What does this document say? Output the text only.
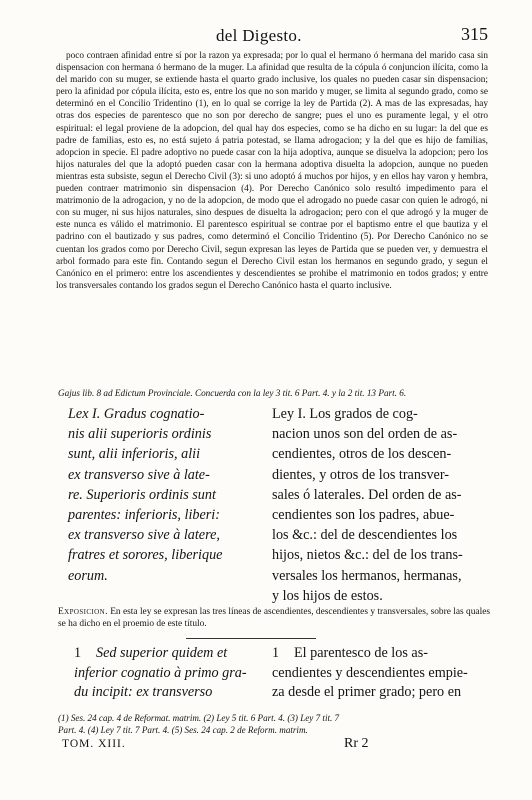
del Digesto.	315

poco contraen afinidad entre sí por la razon ya expresada; por lo qual el hermano ó hermana del marido casa sin dispensacion con hermana ó hermano de la muger. La afinidad que resulta de la cópula ó conjuncion ilícita, como la del marido con su muger, se extiende hasta el quarto grado inclusive, los quales no pueden casar sin dispensacion; pero la afinidad por cópula ilícita, esto es, entre los que no son marido y muger, se limita al segundo grado, como se determinó en el Concilio Tridentino (1), en lo qual se corrige la ley de Partida (2). A mas de las expresadas, hay otras dos especies de parentesco que no son por derecho de sangre; pues el uno es puramente legal, y el otro espiritual: el legal proviene de la adopcion, del qual hay dos especies, como se ha dicho en su lugar: la del que es padre de familias, esto es, no está sujeto á patria potestad, se llama adrogacion; y la del que es hijo de familias, adopcion in specie. El padre adoptivo no puede casar con la hija adoptiva, aunque se disuelva la adopcion; pero los hijos naturales del que la adoptó pueden casar con la hermana adoptiva disuelta la adopcion, aunque no pueden mientras esta subsiste, segun el Derecho Civil (3): si uno adoptó á muchos por hijos, y en ellos hay varon y hembra, pueden contraer matrimonio sin dispensacion (4). Por Derecho Canónico solo resultó impedimento para el matrimonio de la adrogacion, y no de la adopcion, de modo que el adrogado no puede casar con quien le adrogó, ni con su muger, ni sus hijos naturales, sino despues de disuelta la adrogacion; pero con el que adrogó y la muger de este nunca es válido el matrimonio. El parentesco espiritual se contrae por el baptismo entre el que bautiza y el padrino con el bautizado y sus padres, como determinó el Concilio Tridentino (5). Por Derecho Canónico no se cuentan los grados como por Derecho Civil, segun expresan las leyes de Partida que se pueden ver, y demuestra el arbol formado para este fin. Contando segun el Derecho Civil estan los hermanos en segundo grado, y segun el Canónico en el primero: entre los ascendientes y descendientes se prohibe el matrimonio en todos grados; y entre los transversales contando los grados segun el Derecho Canónico hasta el quarto inclusive.

Gajus lib. 8 ad Edictum Provinciale. Concuerda con la ley 3 tit. 6 Part. 4. y la 2 tit. 13 Part. 6.
Lex I. Gradus cognatio-
nis alii superioris ordinis
sunt, alii inferioris, alii
ex transverso sive à late-
re. Superioris ordinis sunt
parentes: inferioris, liberi:
ex transverso sive à latere,
fratres et sorores, liberique
eorum.
Ley I. Los grados de cog-
nacion unos son del orden de as-
cendientes, otros de los descen-
dientes, y otros de los transver-
sales ó laterales. Del orden de as-
cendientes son los padres, abue-
los &c.: del de descendientes los
hijos, nietos &c.: del de los trans-
versales los hermanos, hermanas,
y los hijos de estos.
Exposicion. En esta ley se expresan las tres líneas de ascendientes, descendientes y transversales, sobre las quales se ha dicho en el proemio de este título.
1 Sed superior quidem et
inferior cognatio à primo gra-
du incipit: ex transverso
1 El parentesco de los as-
cendientes y descendientes empie-
za desde el primer grado; pero en
(1) Ses. 24 cap. 4 de Reformat. matrim. (2) Ley 5 tit. 6 Part. 4. (3) Ley 7 tit. 7
Part. 4. (4) Ley 7 tit. 7 Part. 4. (5) Ses. 24 cap. 2 de Reform. matrim.
TOM. XIII.	Rr 2
